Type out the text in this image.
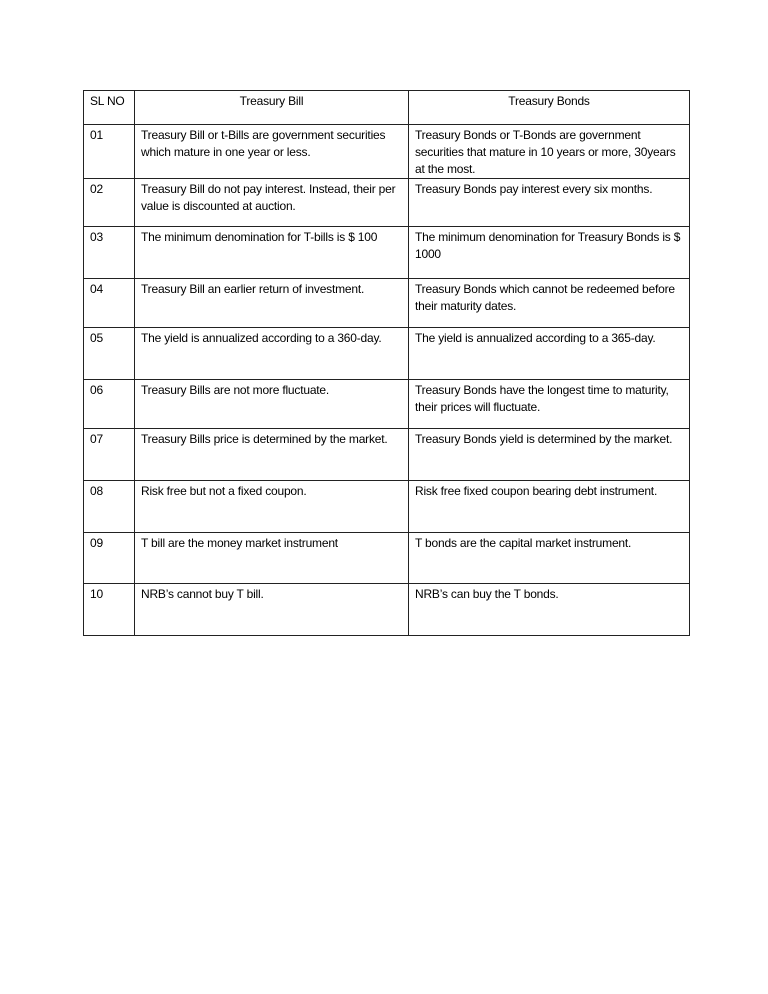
SL NO	Treasury Bill	Treasury Bonds
01	Treasury Bill or t-Bills are government securities which mature in one year or less.	Treasury Bonds or T-Bonds are government securities that mature in 10 years or more, 30years at the most.
02	Treasury Bill do not pay interest. Instead, their per value is discounted at auction.	Treasury Bonds pay interest every six months.
03	The minimum denomination for T-bills is $ 100	The minimum denomination for Treasury Bonds is $ 1000
04	Treasury Bill an earlier return of investment.	Treasury Bonds which cannot be redeemed before their maturity dates.
05	The yield is annualized according to a 360-day.	The yield is annualized according to a 365-day.
06	Treasury Bills are not more fluctuate.	Treasury Bonds have the longest time to maturity, their prices will fluctuate.
07	Treasury Bills price is determined by the market.	Treasury Bonds yield is determined by the market.
08	Risk free but not a fixed coupon.	Risk free fixed coupon bearing debt instrument.
09	T bill are the money market instrument	T bonds are the capital market instrument.
10	NRB’s cannot buy T bill.	NRB’s can buy the T bonds.
